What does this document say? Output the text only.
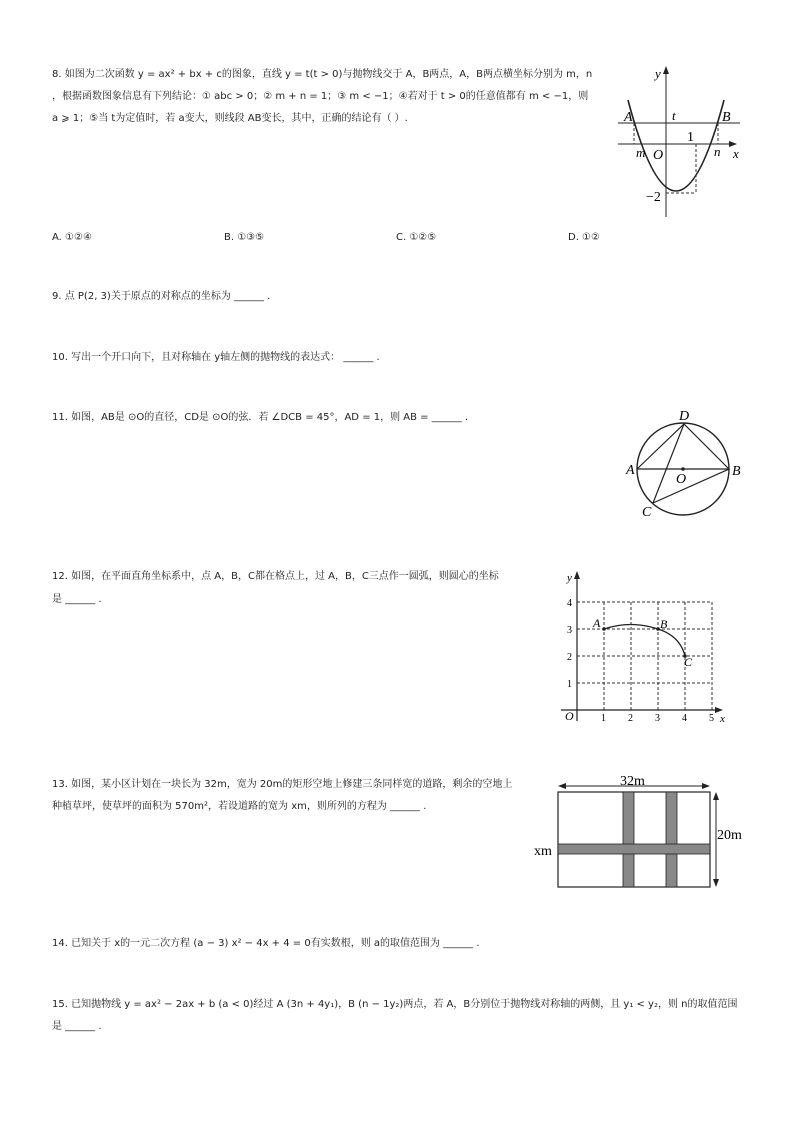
8. 如图为二次函数 y = ax² + bx + c的图象，直线 y = t(t > 0)与抛物线交于 A，B两点，A，B两点横坐标分别为 m，n
，根据函数图象信息有下列结论：① abc > 0；② m + n = 1；③ m < −1；④若对于 t > 0的任意值都有 m < −1，则
a ⩾ 1；⑤当 t为定值时，若 a变大，则线段 AB变长，其中，正确的结论有（ ）.
A. ①②④	B. ①③⑤	C. ①②⑤	D. ①②
y
A	B
t
1
m O	n x
−2
9. 点 P(2, 3)关于原点的对称点的坐标为 ______ .
10. 写出一个开口向下，且对称轴在 y轴左侧的抛物线的表达式： ______ .
11. 如图，AB是 ⊙O的直径，CD是 ⊙O的弦．若 ∠DCB = 45°，AD = 1，则 AB = ______ .
A	B
D
C
O
12. 如图，在平面直角坐标系中，点 A，B，C都在格点上，过 A，B，C三点作一圆弧，则圆心的坐标
是 ______ .
y
x
O
A	B
C
1 2 3 4 5
1
2
3
4
13. 如图，某小区计划在一块长为 32m，宽为 20m的矩形空地上修建三条同样宽的道路，剩余的空地上
种植草坪，使草坪的面积为 570m²，若设道路的宽为 xm，则所列的方程为 ______ .
32m
20m
xm
14. 已知关于 x的一元二次方程 (a − 3) x² − 4x + 4 = 0有实数根，则 a的取值范围为 ______ .
15. 已知抛物线 y = ax² − 2ax + b (a < 0)经过 A (3n + 4y₁)，B (n − 1y₂)两点，若 A，B分别位于抛物线对称轴的两侧，且 y₁ < y₂，则 n的取值范围
是 ______ .
